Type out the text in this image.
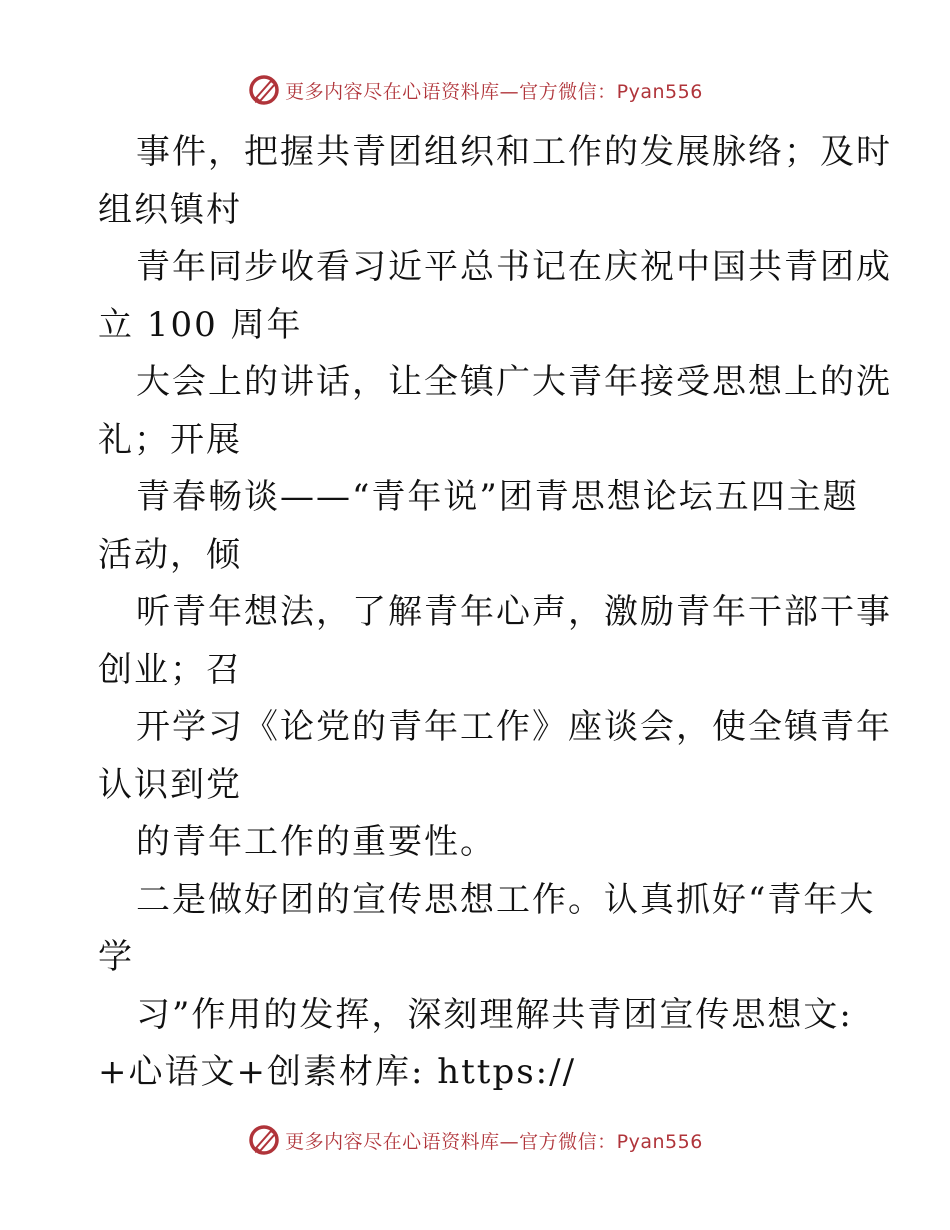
更多内容尽在心语资料库—官方微信：Pyan556
事件，把握共青团组织和工作的发展脉络；及时
组织镇村
青年同步收看习近平总书记在庆祝中国共青团成
立 100 周年
大会上的讲话，让全镇广大青年接受思想上的洗
礼；开展
青春畅谈——“青年说”团青思想论坛五四主题
活动，倾
听青年想法，了解青年心声，激励青年干部干事
创业；召
开学习《论党的青年工作》座谈会，使全镇青年
认识到党
的青年工作的重要性。
二是做好团的宣传思想工作。认真抓好“青年大
学
习”作用的发挥，深刻理解共青团宣传思想文:
+心语文+创素材库: https://
更多内容尽在心语资料库—官方微信：Pyan556
